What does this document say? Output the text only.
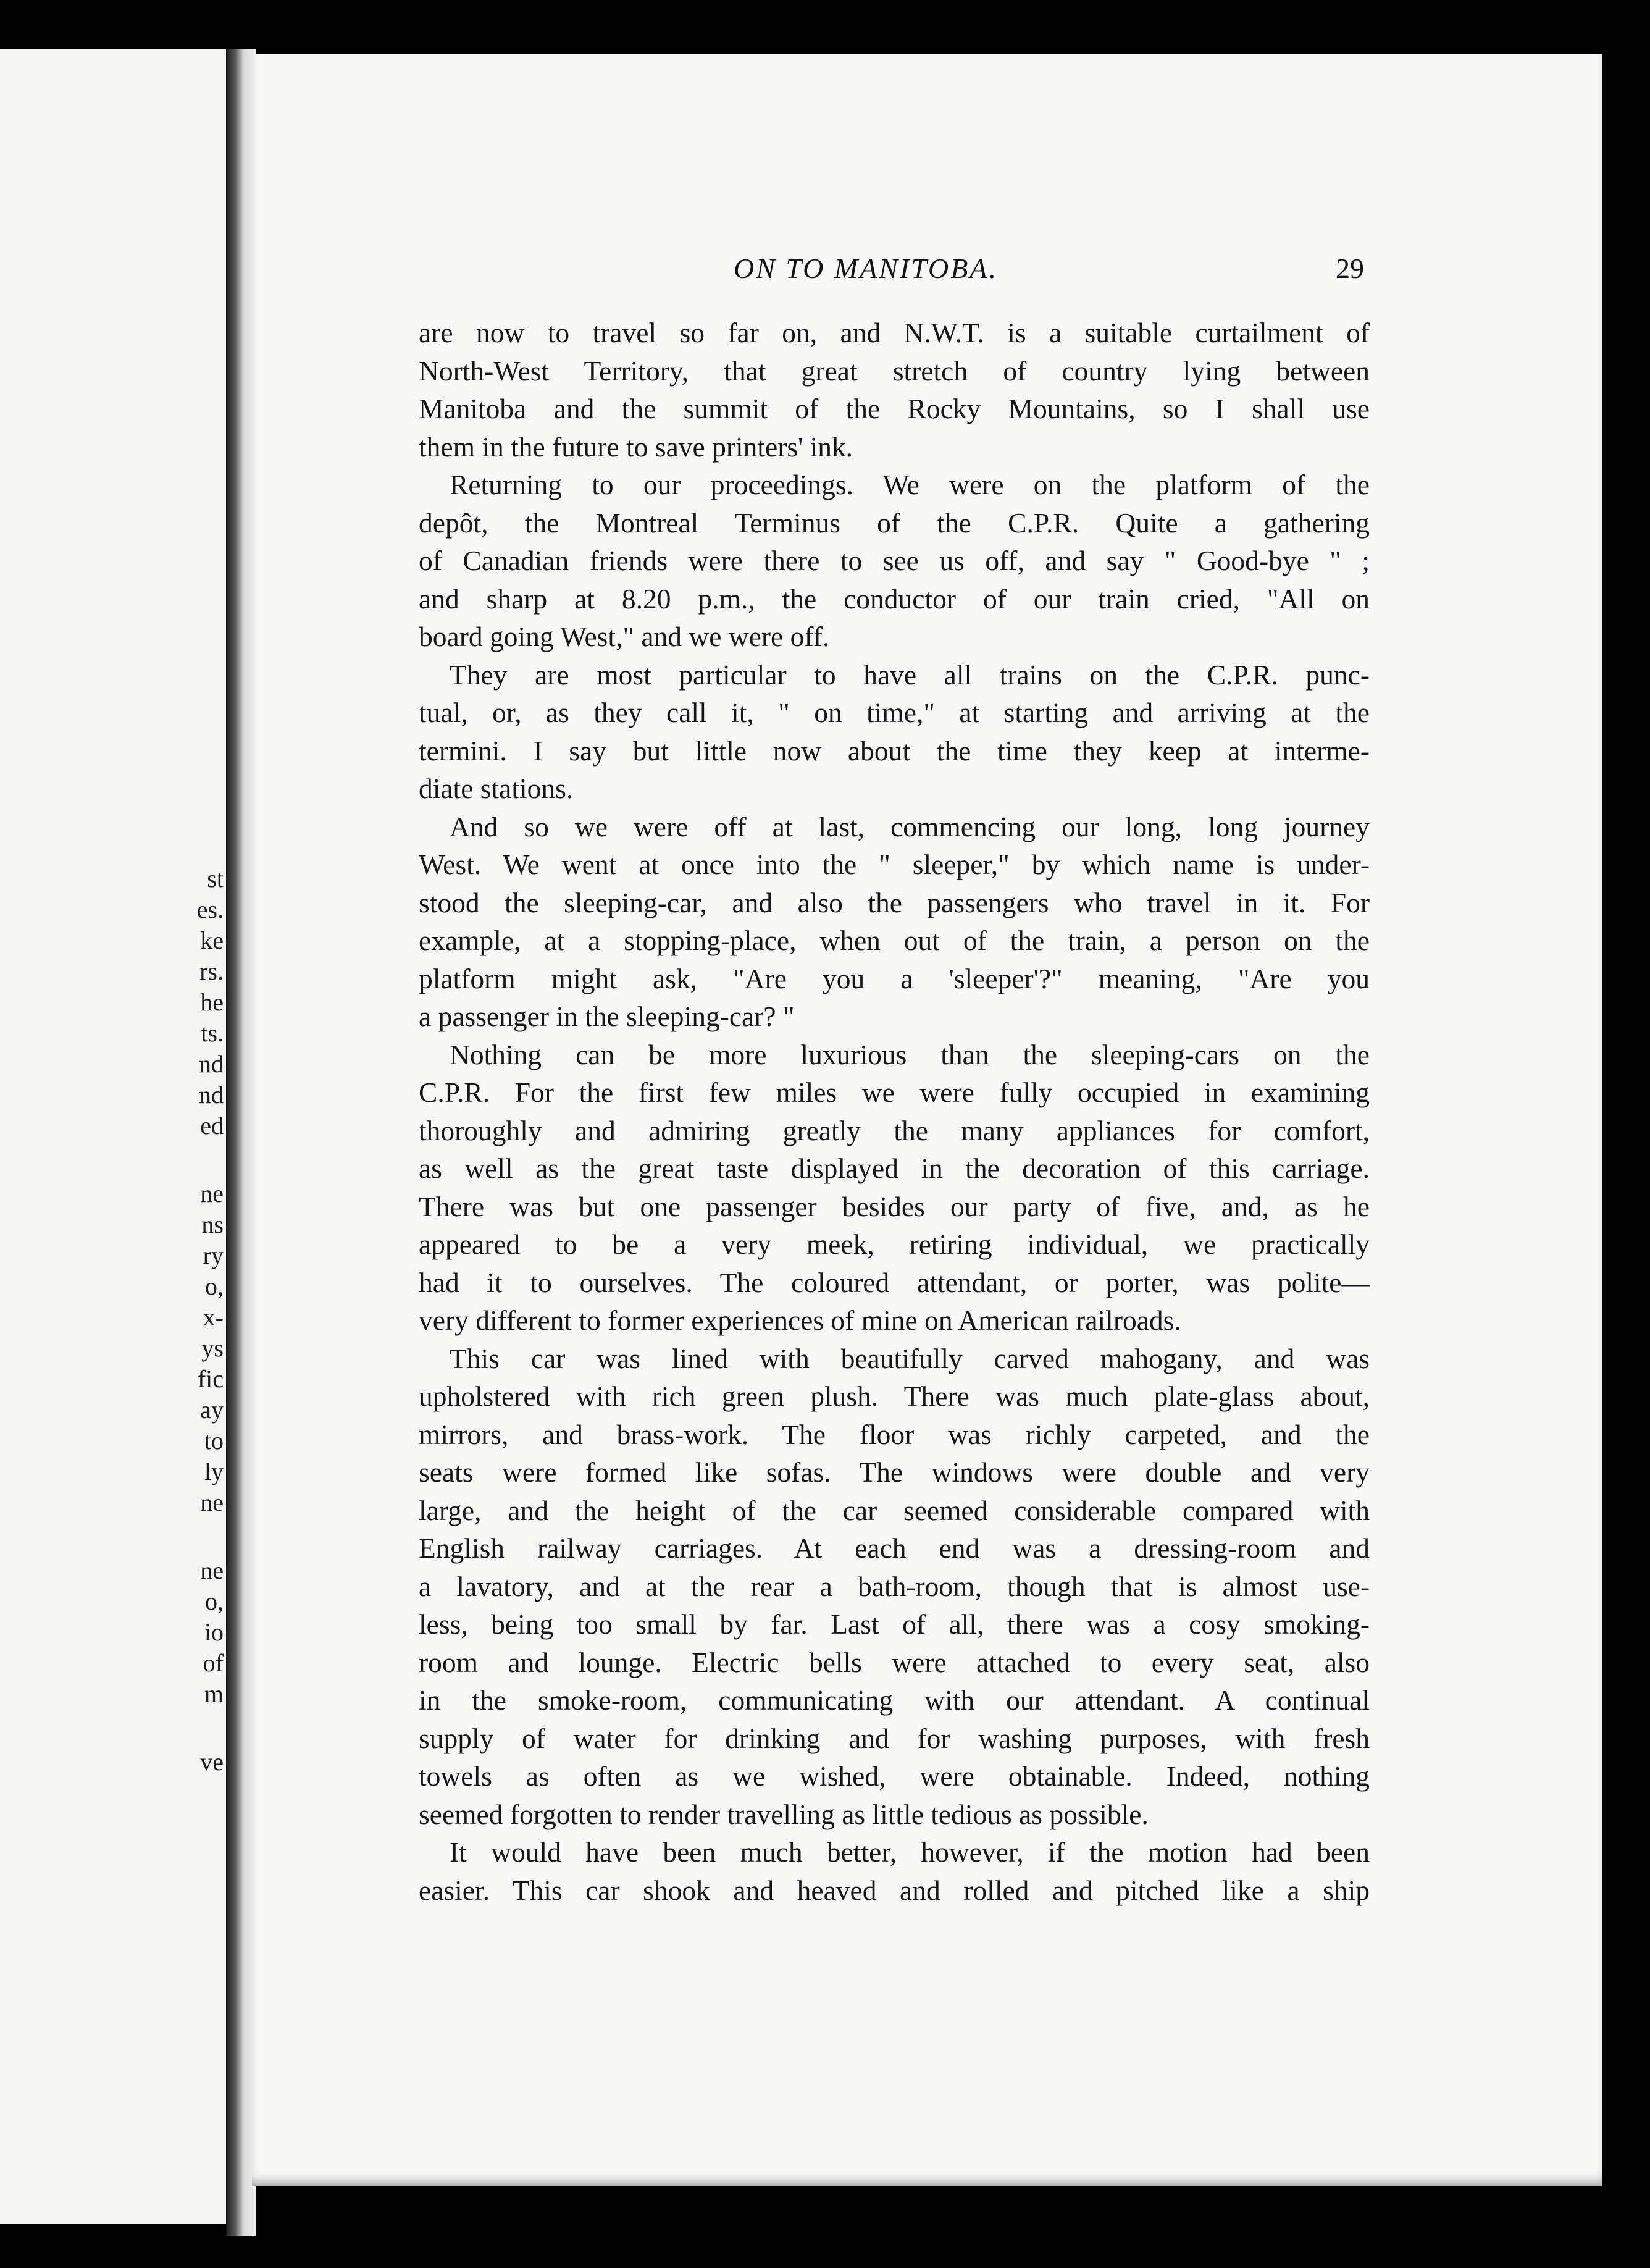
st
es.
ke
rs.
he
ts.
nd
nd
ed

ne
ns
ry
o,
x-
ys
fic
ay
to
ly
ne

ne
o,
io
of
m

ve
ON TO MANITOBA.	29

are now to travel so far on, and N.W.T. is a suitable curtailment of
North-West Territory, that great stretch of country lying between
Manitoba and the summit of the Rocky Mountains, so I shall use
them in the future to save printers' ink.

Returning to our proceedings. We were on the platform of the
depôt, the Montreal Terminus of the C.P.R. Quite a gathering
of Canadian friends were there to see us off, and say " Good-bye " ;
and sharp at 8.20 p.m., the conductor of our train cried, "All on
board going West," and we were off.

They are most particular to have all trains on the C.P.R. punc-
tual, or, as they call it, " on time," at starting and arriving at the
termini. I say but little now about the time they keep at interme-
diate stations.

And so we were off at last, commencing our long, long journey
West. We went at once into the " sleeper," by which name is under-
stood the sleeping-car, and also the passengers who travel in it. For
example, at a stopping-place, when out of the train, a person on the
platform might ask, "Are you a 'sleeper'?" meaning, "Are you
a passenger in the sleeping-car? "

Nothing can be more luxurious than the sleeping-cars on the
C.P.R. For the first few miles we were fully occupied in examining
thoroughly and admiring greatly the many appliances for comfort,
as well as the great taste displayed in the decoration of this carriage.
There was but one passenger besides our party of five, and, as he
appeared to be a very meek, retiring individual, we practically
had it to ourselves. The coloured attendant, or porter, was polite—
very different to former experiences of mine on American railroads.

This car was lined with beautifully carved mahogany, and was
upholstered with rich green plush. There was much plate-glass about,
mirrors, and brass-work. The floor was richly carpeted, and the
seats were formed like sofas. The windows were double and very
large, and the height of the car seemed considerable compared with
English railway carriages. At each end was a dressing-room and
a lavatory, and at the rear a bath-room, though that is almost use-
less, being too small by far. Last of all, there was a cosy smoking-
room and lounge. Electric bells were attached to every seat, also
in the smoke-room, communicating with our attendant. A continual
supply of water for drinking and for washing purposes, with fresh
towels as often as we wished, were obtainable. Indeed, nothing
seemed forgotten to render travelling as little tedious as possible.

It would have been much better, however, if the motion had been
easier. This car shook and heaved and rolled and pitched like a ship
